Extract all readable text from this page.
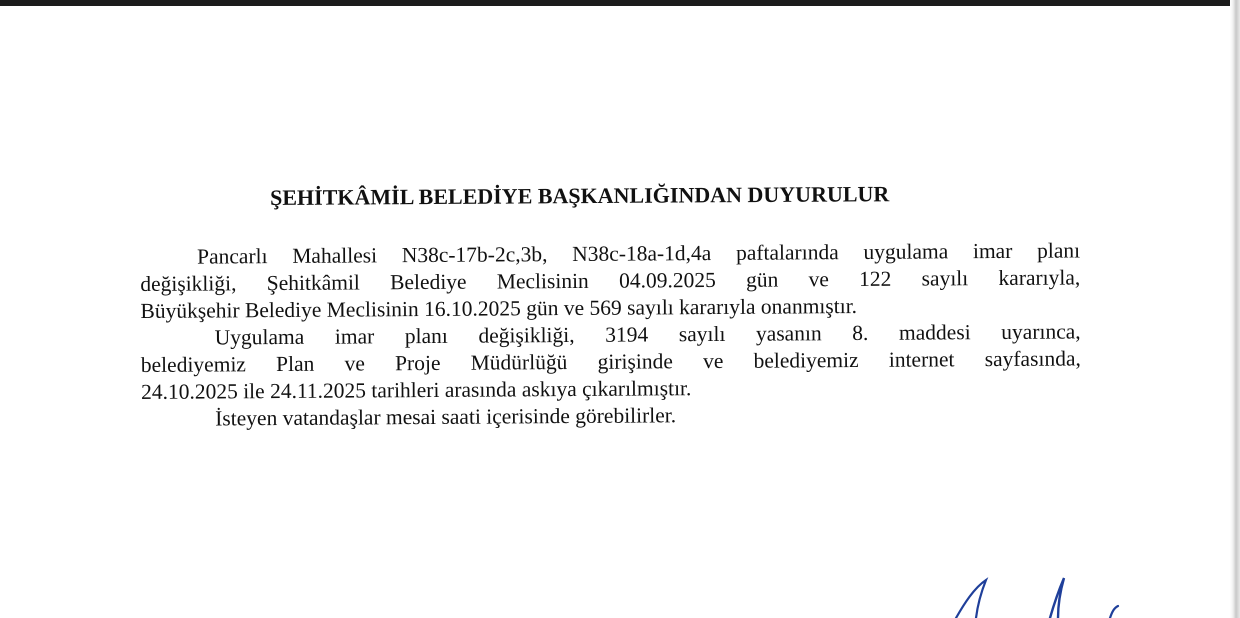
ŞEHİTKÂMİL BELEDİYE BAŞKANLIĞINDAN DUYURULUR
Pancarlı Mahallesi N38c-17b-2c,3b, N38c-18a-1d,4a paftalarında uygulama imar planı
değişikliği, Şehitkâmil Belediye Meclisinin 04.09.2025 gün ve 122 sayılı kararıyla,
Büyükşehir Belediye Meclisinin 16.10.2025 gün ve 569 sayılı kararıyla onanmıştır.
Uygulama imar planı değişikliği, 3194 sayılı yasanın 8. maddesi uyarınca,
belediyemiz Plan ve Proje Müdürlüğü girişinde ve belediyemiz internet sayfasında,
24.10.2025 ile 24.11.2025 tarihleri arasında askıya çıkarılmıştır.
İsteyen vatandaşlar mesai saati içerisinde görebilirler.
